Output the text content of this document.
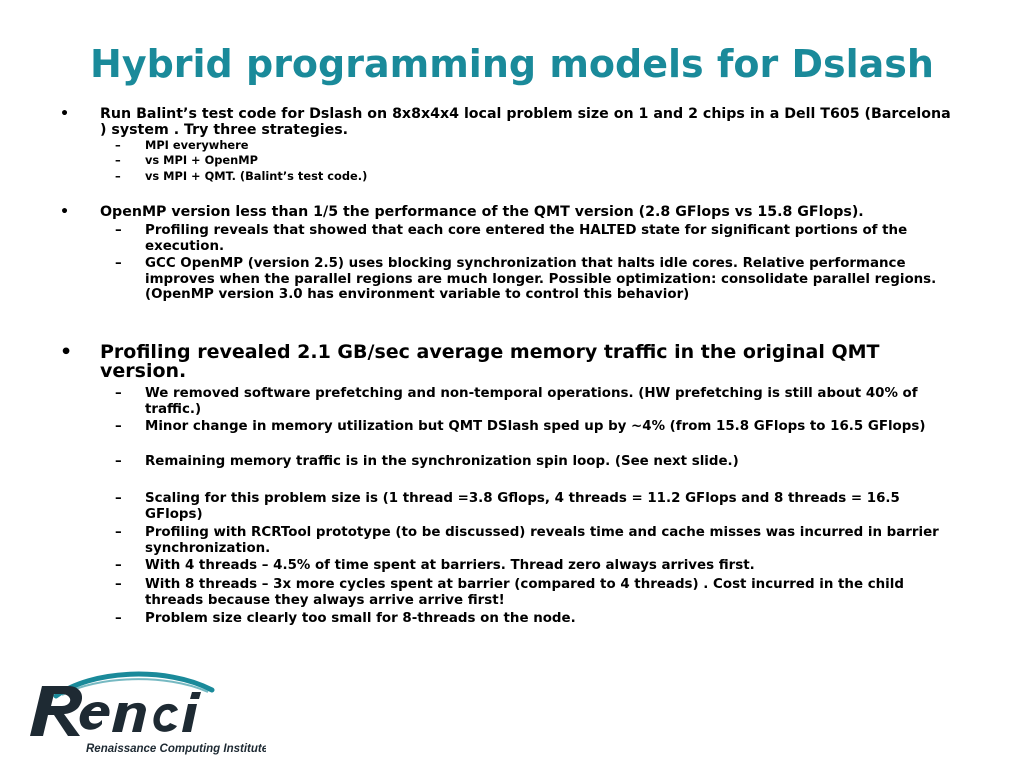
Hybrid programming models for Dslash
• Run Balint’s test code for Dslash on 8x8x4x4 local problem size on 1 and 2 chips in a Dell T605 (Barcelona ) system . Try three strategies.
– MPI everywhere
– vs MPI + OpenMP
– vs MPI + QMT. (Balint’s test code.)
• OpenMP version less than 1/5 the performance of the QMT version (2.8 GFlops vs 15.8 GFlops).
– Profiling reveals that showed that each core entered the HALTED state for significant portions of the execution.
– GCC OpenMP (version 2.5) uses blocking synchronization that halts idle cores. Relative performance improves when the parallel regions are much longer. Possible optimization: consolidate parallel regions. (OpenMP version 3.0 has environment variable to control this behavior)
• Profiling revealed 2.1 GB/sec average memory traffic in the original QMT version.
– We removed software prefetching and non-temporal operations. (HW prefetching is still about 40% of traffic.)
– Minor change in memory utilization but QMT DSlash sped up by ~4% (from 15.8 GFlops to 16.5 GFlops)
– Remaining memory traffic is in the synchronization spin loop. (See next slide.)
– Scaling for this problem size is (1 thread =3.8 Gflops, 4 threads = 11.2 GFlops and 8 threads = 16.5 GFlops)
– Profiling with RCRTool prototype (to be discussed) reveals time and cache misses was incurred in barrier synchronization.
– With 4 threads – 4.5% of time spent at barriers. Thread zero always arrives first.
– With 8 threads – 3x more cycles spent at barrier (compared to 4 threads) . Cost incurred in the child threads because they always arrive arrive first!
– Problem size clearly too small for 8-threads on the node.
Renaissance Computing Institute
